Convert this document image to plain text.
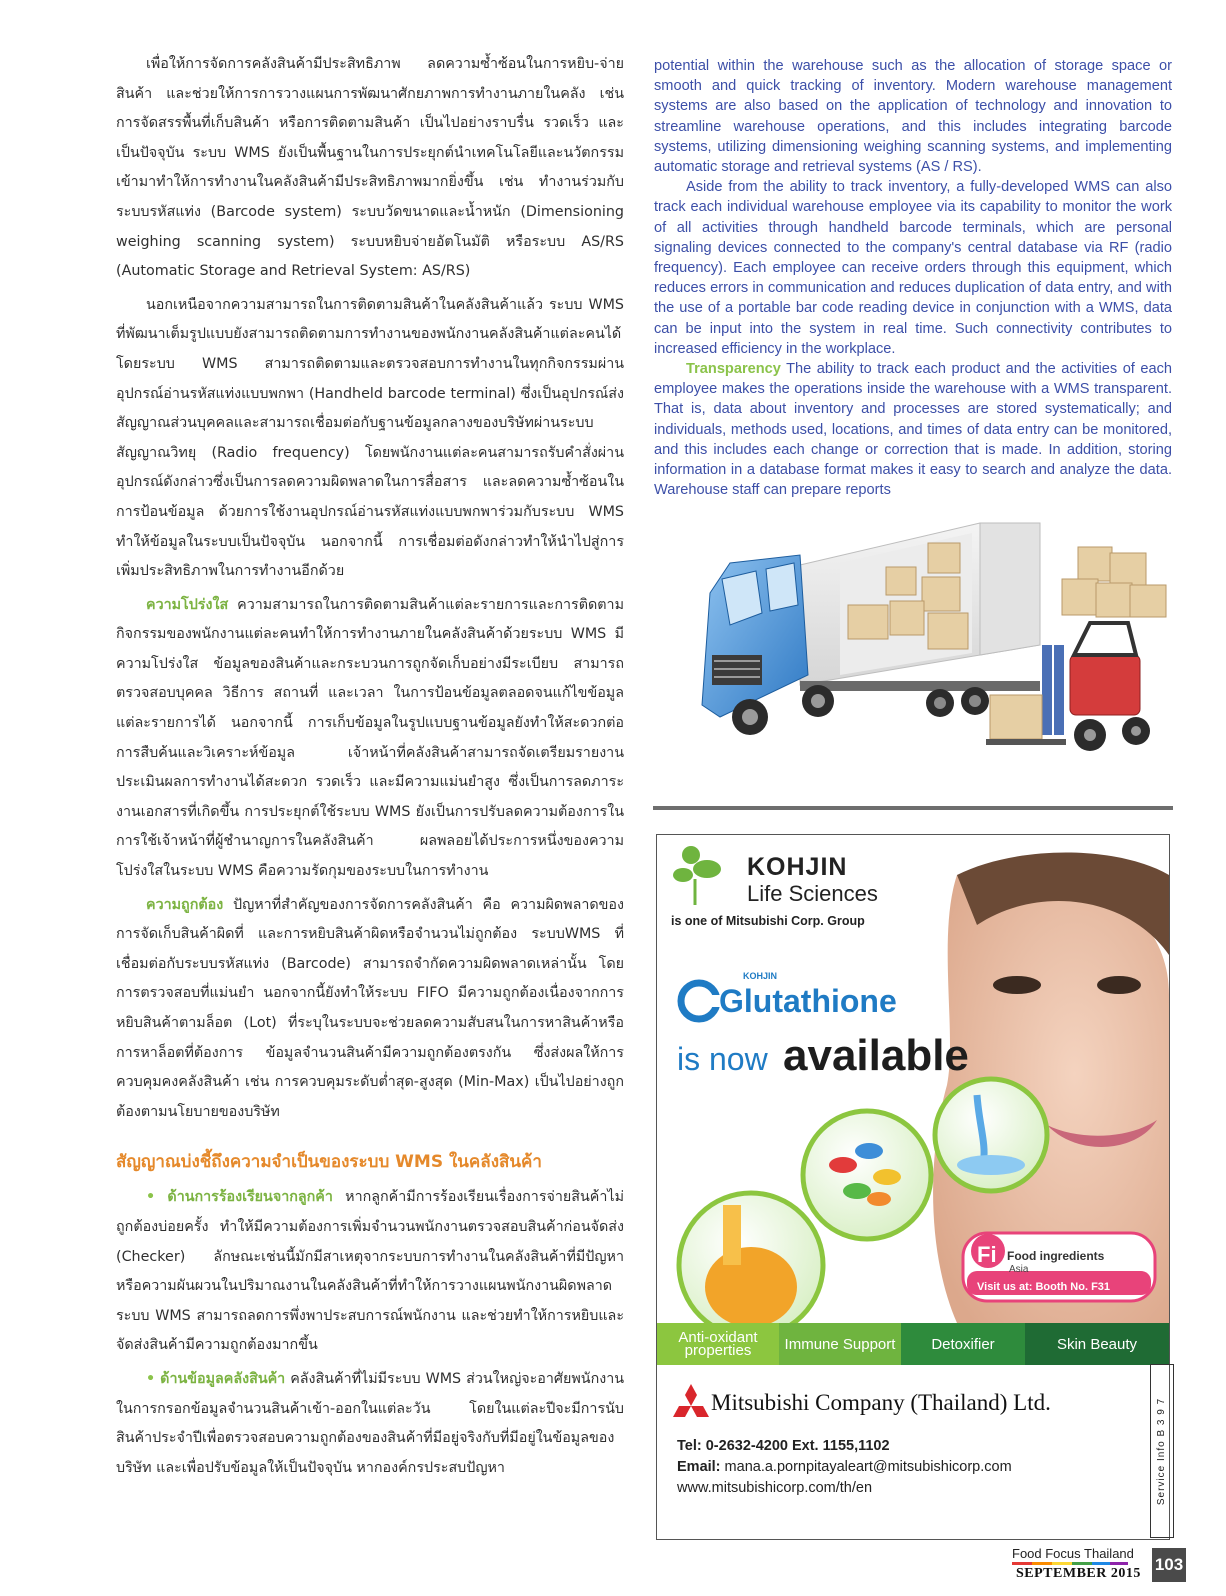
เพื่อให้การจัดการคลังสินค้ามีประสิทธิภาพ ลดความซ้ำซ้อนในการหยิบ-จ่ายสินค้า และช่วยให้การการวางแผนการพัฒนาศักยภาพการทำงานภายในคลัง เช่น การจัดสรรพื้นที่เก็บสินค้า หรือการติดตามสินค้า เป็นไปอย่างราบรื่น รวดเร็ว และเป็นปัจจุบัน ระบบ WMS ยังเป็นพื้นฐานในการประยุกต์นำเทคโนโลยีและนวัตกรรมเข้ามาทำให้การทำงานในคลังสินค้ามีประสิทธิภาพมากยิ่งขึ้น เช่น ทำงานร่วมกับระบบรหัสแท่ง (Barcode system) ระบบวัดขนาดและน้ำหนัก (Dimensioning weighing scanning system) ระบบหยิบจ่ายอัตโนมัติ หรือระบบ AS/RS (Automatic Storage and Retrieval System: AS/RS)

นอกเหนือจากความสามารถในการติดตามสินค้าในคลังสินค้าแล้ว ระบบ WMS ที่พัฒนาเต็มรูปแบบยังสามารถติดตามการทำงานของพนักงานคลังสินค้าแต่ละคนได้ โดยระบบ WMS สามารถติดตามและตรวจสอบการทำงานในทุกกิจกรรมผ่านอุปกรณ์อ่านรหัสแท่งแบบพกพา (Handheld barcode terminal) ซึ่งเป็นอุปกรณ์ส่งสัญญาณส่วนบุคคลและสามารถเชื่อมต่อกับฐานข้อมูลกลางของบริษัทผ่านระบบสัญญาณวิทยุ (Radio frequency) โดยพนักงานแต่ละคนสามารถรับคำสั่งผ่านอุปกรณ์ดังกล่าวซึ่งเป็นการลดความผิดพลาดในการสื่อสาร และลดความซ้ำซ้อนในการป้อนข้อมูล ด้วยการใช้งานอุปกรณ์อ่านรหัสแท่งแบบพกพาร่วมกับระบบ WMS ทำให้ข้อมูลในระบบเป็นปัจจุบัน นอกจากนี้ การเชื่อมต่อดังกล่าวทำให้นำไปสู่การเพิ่มประสิทธิภาพในการทำงานอีกด้วย

ความโปร่งใส ความสามารถในการติดตามสินค้าแต่ละรายการและการติดตามกิจกรรมของพนักงานแต่ละคนทำให้การทำงานภายในคลังสินค้าด้วยระบบ WMS มีความโปร่งใส ข้อมูลของสินค้าและกระบวนการถูกจัดเก็บอย่างมีระเบียบ สามารถตรวจสอบบุคคล วิธีการ สถานที่ และเวลา ในการป้อนข้อมูลตลอดจนแก้ไขข้อมูลแต่ละรายการได้ นอกจากนี้ การเก็บข้อมูลในรูปแบบฐานข้อมูลยังทำให้สะดวกต่อการสืบค้นและวิเคราะห์ข้อมูล เจ้าหน้าที่คลังสินค้าสามารถจัดเตรียมรายงานประเมินผลการทำงานได้สะดวก รวดเร็ว และมีความแม่นยำสูง ซึ่งเป็นการลดภาระงานเอกสารที่เกิดขึ้น การประยุกต์ใช้ระบบ WMS ยังเป็นการปรับลดความต้องการในการใช้เจ้าหน้าที่ผู้ชำนาญการในคลังสินค้า ผลพลอยได้ประการหนึ่งของความโปร่งใสในระบบ WMS คือความรัดกุมของระบบในการทำงาน

ความถูกต้อง ปัญหาที่สำคัญของการจัดการคลังสินค้า คือ ความผิดพลาดของการจัดเก็บสินค้าผิดที่ และการหยิบสินค้าผิดหรือจำนวนไม่ถูกต้อง ระบบWMS ที่เชื่อมต่อกับระบบรหัสแท่ง (Barcode) สามารถจำกัดความผิดพลาดเหล่านั้น โดยการตรวจสอบที่แม่นยำ นอกจากนี้ยังทำให้ระบบ FIFO มีความถูกต้องเนื่องจากการหยิบสินค้าตามล็อต (Lot) ที่ระบุในระบบจะช่วยลดความสับสนในการหาสินค้าหรือการหาล็อตที่ต้องการ ข้อมูลจำนวนสินค้ามีความถูกต้องตรงกัน ซึ่งส่งผลให้การควบคุมคงคลังสินค้า เช่น การควบคุมระดับต่ำสุด-สูงสุด (Min-Max) เป็นไปอย่างถูกต้องตามนโยบายของบริษัท

สัญญาณบ่งชี้ถึงความจำเป็นของระบบ WMS ในคลังสินค้า

• ด้านการร้องเรียนจากลูกค้า หากลูกค้ามีการร้องเรียนเรื่องการจ่ายสินค้าไม่ถูกต้องบ่อยครั้ง ทำให้มีความต้องการเพิ่มจำนวนพนักงานตรวจสอบสินค้าก่อนจัดส่ง (Checker) ลักษณะเช่นนี้มักมีสาเหตุจากระบบการทำงานในคลังสินค้าที่มีปัญหา หรือความผันผวนในปริมาณงานในคลังสินค้าที่ทำให้การวางแผนพนักงานผิดพลาด ระบบ WMS สามารถลดการพึ่งพาประสบการณ์พนักงาน และช่วยทำให้การหยิบและจัดส่งสินค้ามีความถูกต้องมากขึ้น

• ด้านข้อมูลคลังสินค้า คลังสินค้าที่ไม่มีระบบ WMS ส่วนใหญ่จะอาศัยพนักงานในการกรอกข้อมูลจำนวนสินค้าเข้า-ออกในแต่ละวัน โดยในแต่ละปีจะมีการนับสินค้าประจำปีเพื่อตรวจสอบความถูกต้องของสินค้าที่มีอยู่จริงกับที่มีอยู่ในข้อมูลของบริษัท และเพื่อปรับข้อมูลให้เป็นปัจจุบัน หากองค์กรประสบปัญหา

potential within the warehouse such as the allocation of storage space or smooth and quick tracking of inventory. Modern warehouse management systems are also based on the application of technology and innovation to streamline warehouse operations, and this includes integrating barcode systems, utilizing dimensioning weighing scanning systems, and implementing automatic storage and retrieval systems (AS / RS).

Aside from the ability to track inventory, a fully-developed WMS can also track each individual warehouse employee via its capability to monitor the work of all activities through handheld barcode terminals, which are personal signaling devices connected to the company's central database via RF (radio frequency). Each employee can receive orders through this equipment, which reduces errors in communication and reduces duplication of data entry, and with the use of a portable bar code reading device in conjunction with a WMS, data can be input into the system in real time. Such connectivity contributes to increased efficiency in the workplace.

Transparency The ability to track each product and the activities of each employee makes the operations inside the warehouse with a WMS transparent. That is, data about inventory and processes are stored systematically; and individuals, methods used, locations, and times of data entry can be monitored, and this includes each change or correction that is made. In addition, storing information in a database format makes it easy to search and analyze the data. Warehouse staff can prepare reports

KOHJIN

Life Sciences

is one of Mitsubishi Corp. Group

KOHJIN

Glutathione

is now available

Fi Food ingredients

Asia

Visit us at: Booth No. F31

Anti-oxidant properties	Immune Support	Detoxifier	Skin Beauty

Mitsubishi Company (Thailand) Ltd.

Tel: 0-2632-4200 Ext. 1155,1102

Email: mana.a.pornpitayaleart@mitsubishicorp.com

www.mitsubishicorp.com/th/en	Service Info B 3 9 7

Food Focus Thailand

SEPTEMBER 2015 103
